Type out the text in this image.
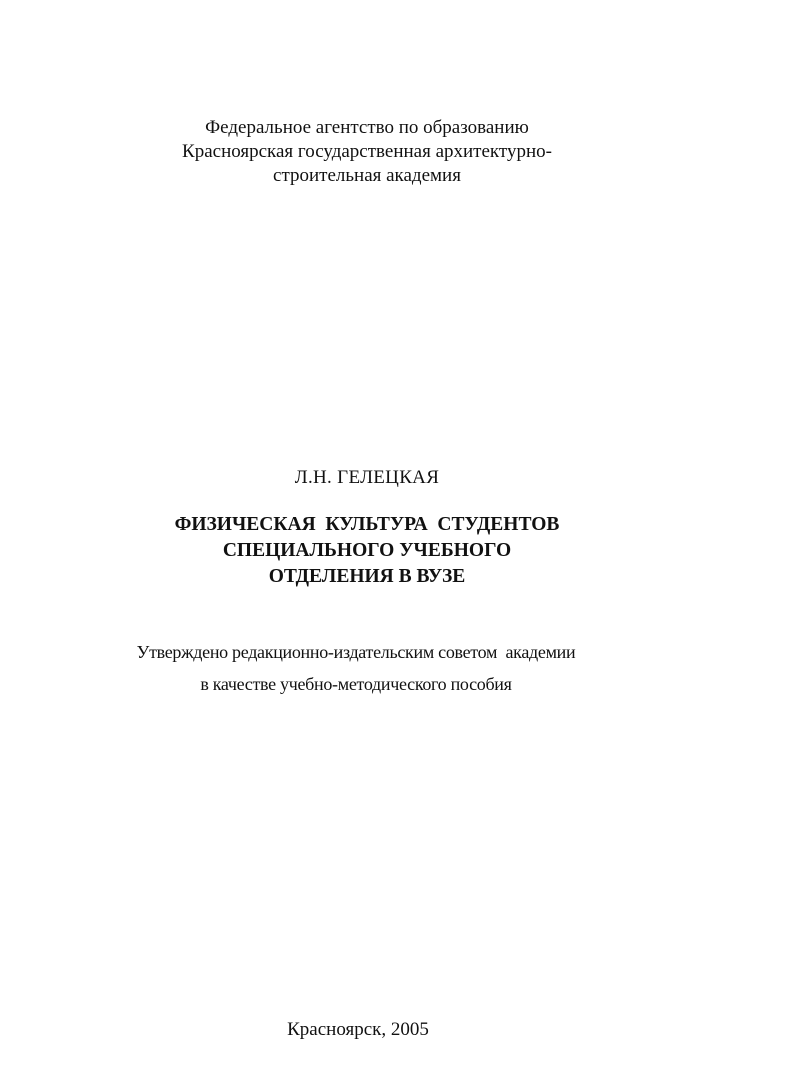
Федеральное агентство по образованию
Красноярская государственная архитектурно-
строительная академия
Л.Н. ГЕЛЕЦКАЯ
ФИЗИЧЕСКАЯ  КУЛЬТУРА  СТУДЕНТОВ
СПЕЦИАЛЬНОГО УЧЕБНОГО
ОТДЕЛЕНИЯ В ВУЗЕ
Утверждено редакционно-издательским советом  академии
в качестве учебно-методического пособия
Красноярск, 2005
